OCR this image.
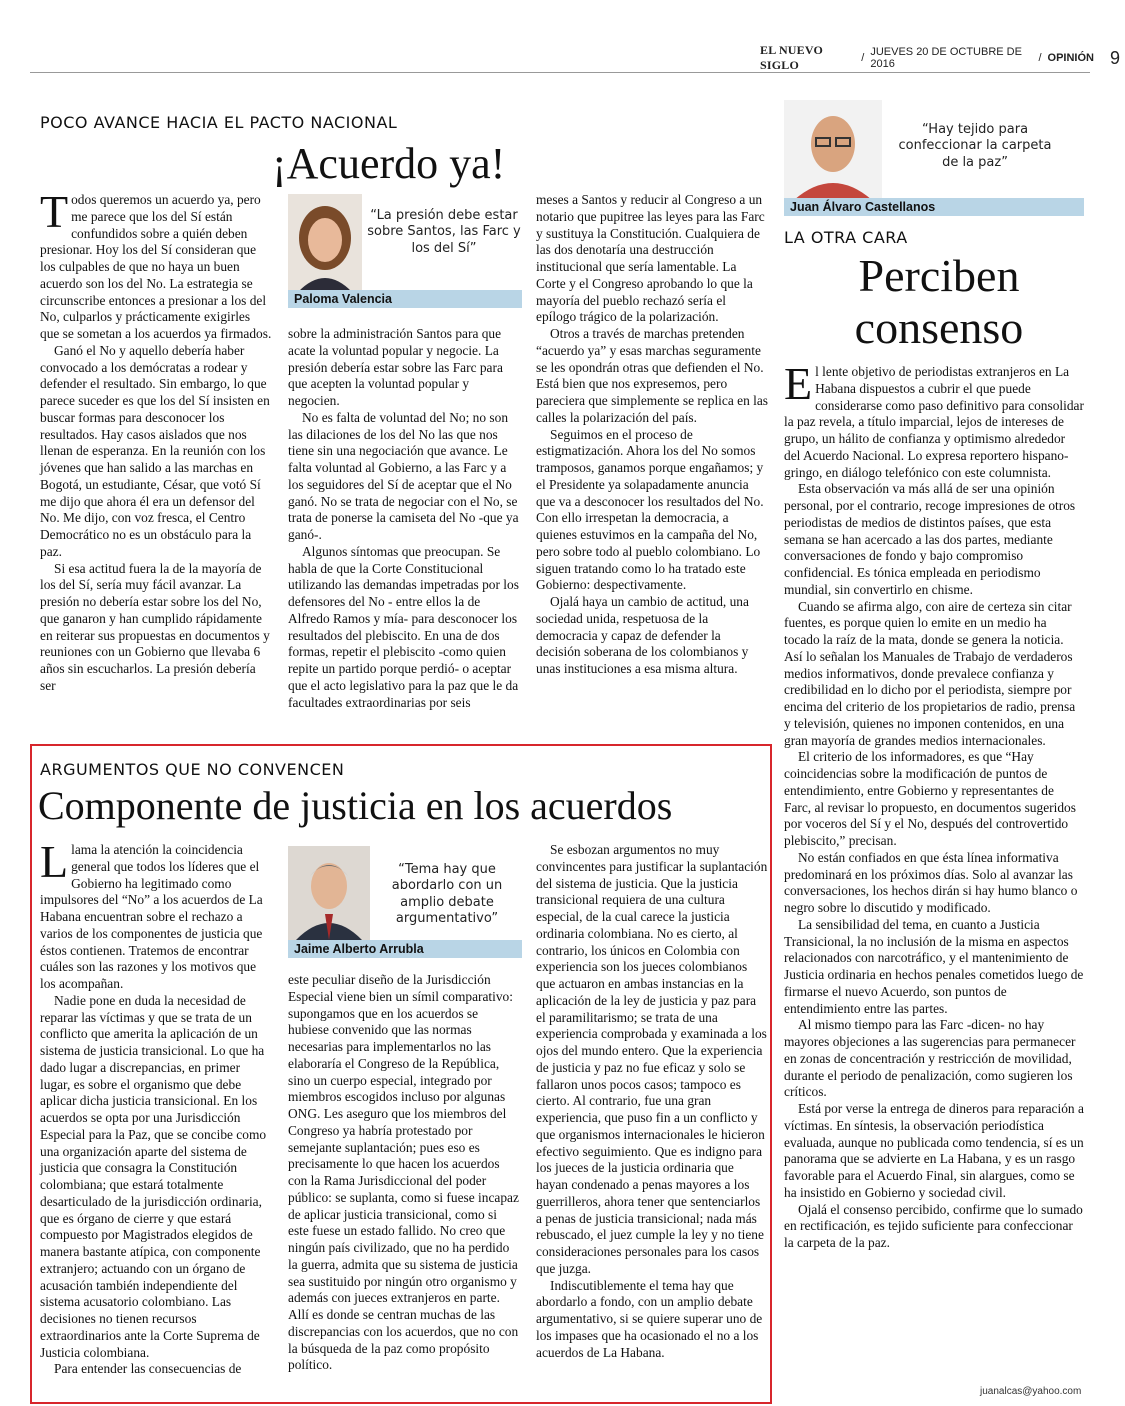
EL NUEVO SIGLO	/ JUEVES 20 DE OCTUBRE DE 2016	/ OPINIÓN 9
POCO AVANCE HACIA EL PACTO NACIONAL
¡Acuerdo ya!

Todos queremos un acuerdo ya, pero me parece que los del Sí están confundidos sobre a quién deben presionar. Hoy los del Sí consideran que los culpables de que no haya un buen acuerdo son los del No. La estrategia se circunscribe entonces a presionar a los del No, culparlos y prácticamente exigirles que se sometan a los acuerdos ya firmados.

Ganó el No y aquello debería haber convocado a los demócratas a rodear y defender el resultado. Sin embargo, lo que parece suceder es que los del Sí insisten en buscar formas para desconocer los resultados. Hay casos aislados que nos llenan de esperanza. En la reunión con los jóvenes que han salido a las marchas en Bogotá, un estudiante, César, que votó Sí me dijo que ahora él era un defensor del No. Me dijo, con voz fresca, el Centro Democrático no es un obstáculo para la paz.

Si esa actitud fuera la de la mayoría de los del Sí, sería muy fácil avanzar. La presión no debería estar sobre los del No, que ganaron y han cumplido rápidamente en reiterar sus propuestas en documentos y reuniones con un Gobierno que llevaba 6 años sin escucharlos. La presión debería ser

“La presión debe estar sobre Santos, las Farc y los del Sí”
Paloma Valencia

sobre la administración Santos para que acate la voluntad popular y negocie. La presión debería estar sobre las Farc para que acepten la voluntad popular y negocien.

No es falta de voluntad del No; no son las dilaciones de los del No las que nos tiene sin una negociación que avance. Le falta voluntad al Gobierno, a las Farc y a los seguidores del Sí de aceptar que el No ganó. No se trata de negociar con el No, se trata de ponerse la camiseta del No -que ya ganó-.

Algunos síntomas que preocupan. Se habla de que la Corte Constitucional utilizando las demandas impetradas por los defensores del No - entre ellos la de Alfredo Ramos y mía- para desconocer los resultados del plebiscito. En una de dos formas, repetir el plebiscito -como quien repite un partido porque perdió- o aceptar que el acto legislativo para la paz que le da facultades extraordinarias por seis

meses a Santos y reducir al Congreso a un notario que pupitree las leyes para las Farc y sustituya la Constitución. Cualquiera de las dos denotaría una destrucción institucional que sería lamentable. La Corte y el Congreso aprobando lo que la mayoría del pueblo rechazó sería el epílogo trágico de la polarización.

Otros a través de marchas pretenden “acuerdo ya” y esas marchas seguramente se les opondrán otras que defienden el No. Está bien que nos expresemos, pero pareciera que simplemente se replica en las calles la polarización del país.

Seguimos en el proceso de estigmatización. Ahora los del No somos tramposos, ganamos porque engañamos; y el Presidente ya solapadamente anuncia que va a desconocer los resultados del No. Con ello irrespetan la democracia, a quienes estuvimos en la campaña del No, pero sobre todo al pueblo colombiano. Lo siguen tratando como lo ha tratado este Gobierno: despectivamente.

Ojalá haya un cambio de actitud, una sociedad unida, respetuosa de la democracia y capaz de defender la decisión soberana de los colombianos y unas instituciones a esa misma altura.

ARGUMENTOS QUE NO CONVENCEN
Componente de justicia en los acuerdos

Llama la atención la coincidencia general que todos los líderes que el Gobierno ha legitimado como impulsores del “No” a los acuerdos de La Habana encuentran sobre el rechazo a varios de los componentes de justicia que éstos contienen. Tratemos de encontrar cuáles son las razones y los motivos que los acompañan.

Nadie pone en duda la necesidad de reparar las víctimas y que se trata de un conflicto que amerita la aplicación de un sistema de justicia transicional. Lo que ha dado lugar a discrepancias, en primer lugar, es sobre el organismo que debe aplicar dicha justicia transicional. En los acuerdos se opta por una Jurisdicción Especial para la Paz, que se concibe como una organización aparte del sistema de justicia que consagra la Constitución colombiana; que estará totalmente desarticulado de la jurisdicción ordinaria, que es órgano de cierre y que estará compuesto por Magistrados elegidos de manera bastante atípica, con componente extranjero; actuando con un órgano de acusación también independiente del sistema acusatorio colombiano. Las decisiones no tienen recursos extraordinarios ante la Corte Suprema de Justicia colombiana.

Para entender las consecuencias de

“Tema hay que abordarlo con un amplio debate argumentativo”
Jaime Alberto Arrubla

este peculiar diseño de la Jurisdicción Especial viene bien un símil comparativo: supongamos que en los acuerdos se hubiese convenido que las normas necesarias para implementarlos no las elaboraría el Congreso de la República, sino un cuerpo especial, integrado por miembros escogidos incluso por algunas ONG. Les aseguro que los miembros del Congreso ya habría protestado por semejante suplantación; pues eso es precisamente lo que hacen los acuerdos con la Rama Jurisdiccional del poder público: se suplanta, como si fuese incapaz de aplicar justicia transicional, como si este fuese un estado fallido. No creo que ningún país civilizado, que no ha perdido la guerra, admita que su sistema de justicia sea sustituido por ningún otro organismo y además con jueces extranjeros en parte. Allí es donde se centran muchas de las discrepancias con los acuerdos, que no con la búsqueda de la paz como propósito político.

Se esbozan argumentos no muy convincentes para justificar la suplantación del sistema de justicia. Que la justicia transicional requiera de una cultura especial, de la cual carece la justicia ordinaria colombiana. No es cierto, al contrario, los únicos en Colombia con experiencia son los jueces colombianos que actuaron en ambas instancias en la aplicación de la ley de justicia y paz para el paramilitarismo; se trata de una experiencia comprobada y examinada a los ojos del mundo entero. Que la experiencia de justicia y paz no fue eficaz y solo se fallaron unos pocos casos; tampoco es cierto. Al contrario, fue una gran experiencia, que puso fin a un conflicto y que organismos internacionales le hicieron efectivo seguimiento. Que es indigno para los jueces de la justicia ordinaria que hayan condenado a penas mayores a los guerrilleros, ahora tener que sentenciarlos a penas de justicia transicional; nada más rebuscado, el juez cumple la ley y no tiene consideraciones personales para los casos que juzga.

Indiscutiblemente el tema hay que abordarlo a fondo, con un amplio debate argumentativo, si se quiere superar uno de los impases que ha ocasionado el no a los acuerdos de La Habana.

“Hay tejido para confeccionar la carpeta de la paz”
Juan Álvaro Castellanos
LA OTRA CARA
Perciben
consenso

El lente objetivo de periodistas extranjeros en La Habana dispuestos a cubrir el que puede considerarse como paso definitivo para consolidar la paz revela, a título imparcial, lejos de intereses de grupo, un hálito de confianza y optimismo alrededor del Acuerdo Nacional. Lo expresa reportero hispano-gringo, en diálogo telefónico con este columnista.

Esta observación va más allá de ser una opinión personal, por el contrario, recoge impresiones de otros periodistas de medios de distintos países, que esta semana se han acercado a las dos partes, mediante conversaciones de fondo y bajo compromiso confidencial. Es tónica empleada en periodismo mundial, sin convertirlo en chisme.

Cuando se afirma algo, con aire de certeza sin citar fuentes, es porque quien lo emite en un medio ha tocado la raíz de la mata, donde se genera la noticia. Así lo señalan los Manuales de Trabajo de verdaderos medios informativos, donde prevalece confianza y credibilidad en lo dicho por el periodista, siempre por encima del criterio de los propietarios de radio, prensa y televisión, quienes no imponen contenidos, en una gran mayoría de grandes medios internacionales.

El criterio de los informadores, es que “Hay coincidencias sobre la modificación de puntos de entendimiento, entre Gobierno y representantes de Farc, al revisar lo propuesto, en documentos sugeridos por voceros del Sí y el No, después del controvertido plebiscito,” precisan.

No están confiados en que ésta línea informativa predominará en los próximos días. Solo al avanzar las conversaciones, los hechos dirán si hay humo blanco o negro sobre lo discutido y modificado.

La sensibilidad del tema, en cuanto a Justicia Transicional, la no inclusión de la misma en aspectos relacionados con narcotráfico, y el mantenimiento de Justicia ordinaria en hechos penales cometidos luego de firmarse el nuevo Acuerdo, son puntos de entendimiento entre las partes.

Al mismo tiempo para las Farc -dicen- no hay mayores objeciones a las sugerencias para permanecer en zonas de concentración y restricción de movilidad, durante el periodo de penalización, como sugieren los críticos.

Está por verse la entrega de dineros para reparación a víctimas. En síntesis, la observación periodística evaluada, aunque no publicada como tendencia, sí es un panorama que se advierte en La Habana, y es un rasgo favorable para el Acuerdo Final, sin alargues, como se ha insistido en Gobierno y sociedad civil.

Ojalá el consenso percibido, confirme que lo sumado en rectificación, es tejido suficiente para confeccionar la carpeta de la paz.

juanalcas@yahoo.com
